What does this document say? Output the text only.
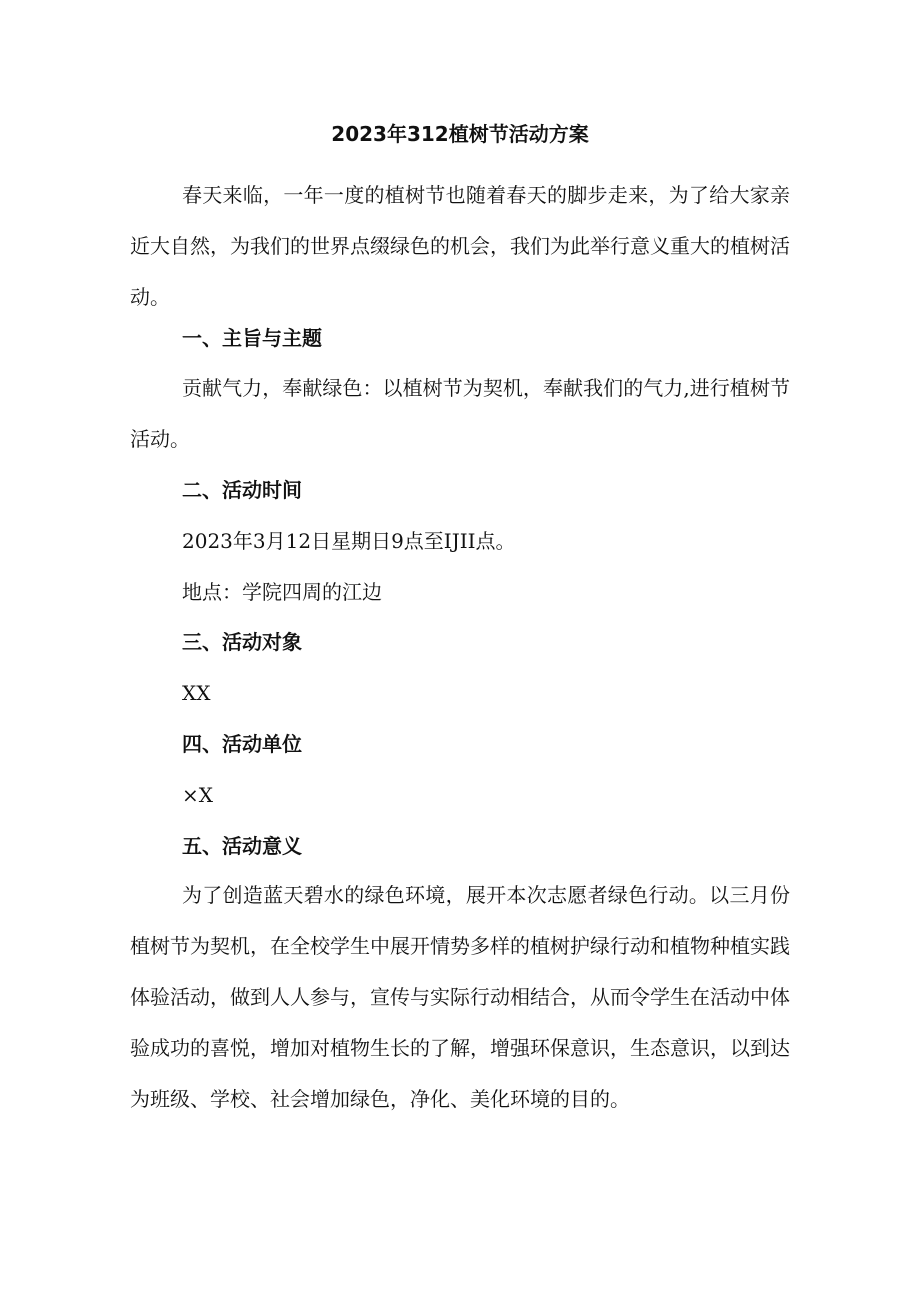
2023年312植树节活动方案

春天来临，一年一度的植树节也随着春天的脚步走来，为了给大家亲近大自然，为我们的世界点缀绿色的机会，我们为此举行意义重大的植树活动。

一、主旨与主题

贡献气力，奉献绿色：以植树节为契机，奉献我们的气力,进行植树节活动。

二、活动时间
2023年3月12日星期日9点至IJII点。
地点：学院四周的江边
三、活动对象
XX
四、活动单位
×X
五、活动意义

为了创造蓝天碧水的绿色环境，展开本次志愿者绿色行动。以三月份植树节为契机，在全校学生中展开情势多样的植树护绿行动和植物种植实践体验活动，做到人人参与，宣传与实际行动相结合，从而令学生在活动中体验成功的喜悦，增加对植物生长的了解，增强环保意识，生态意识，以到达为班级、学校、社会增加绿色，净化、美化环境的目的。
